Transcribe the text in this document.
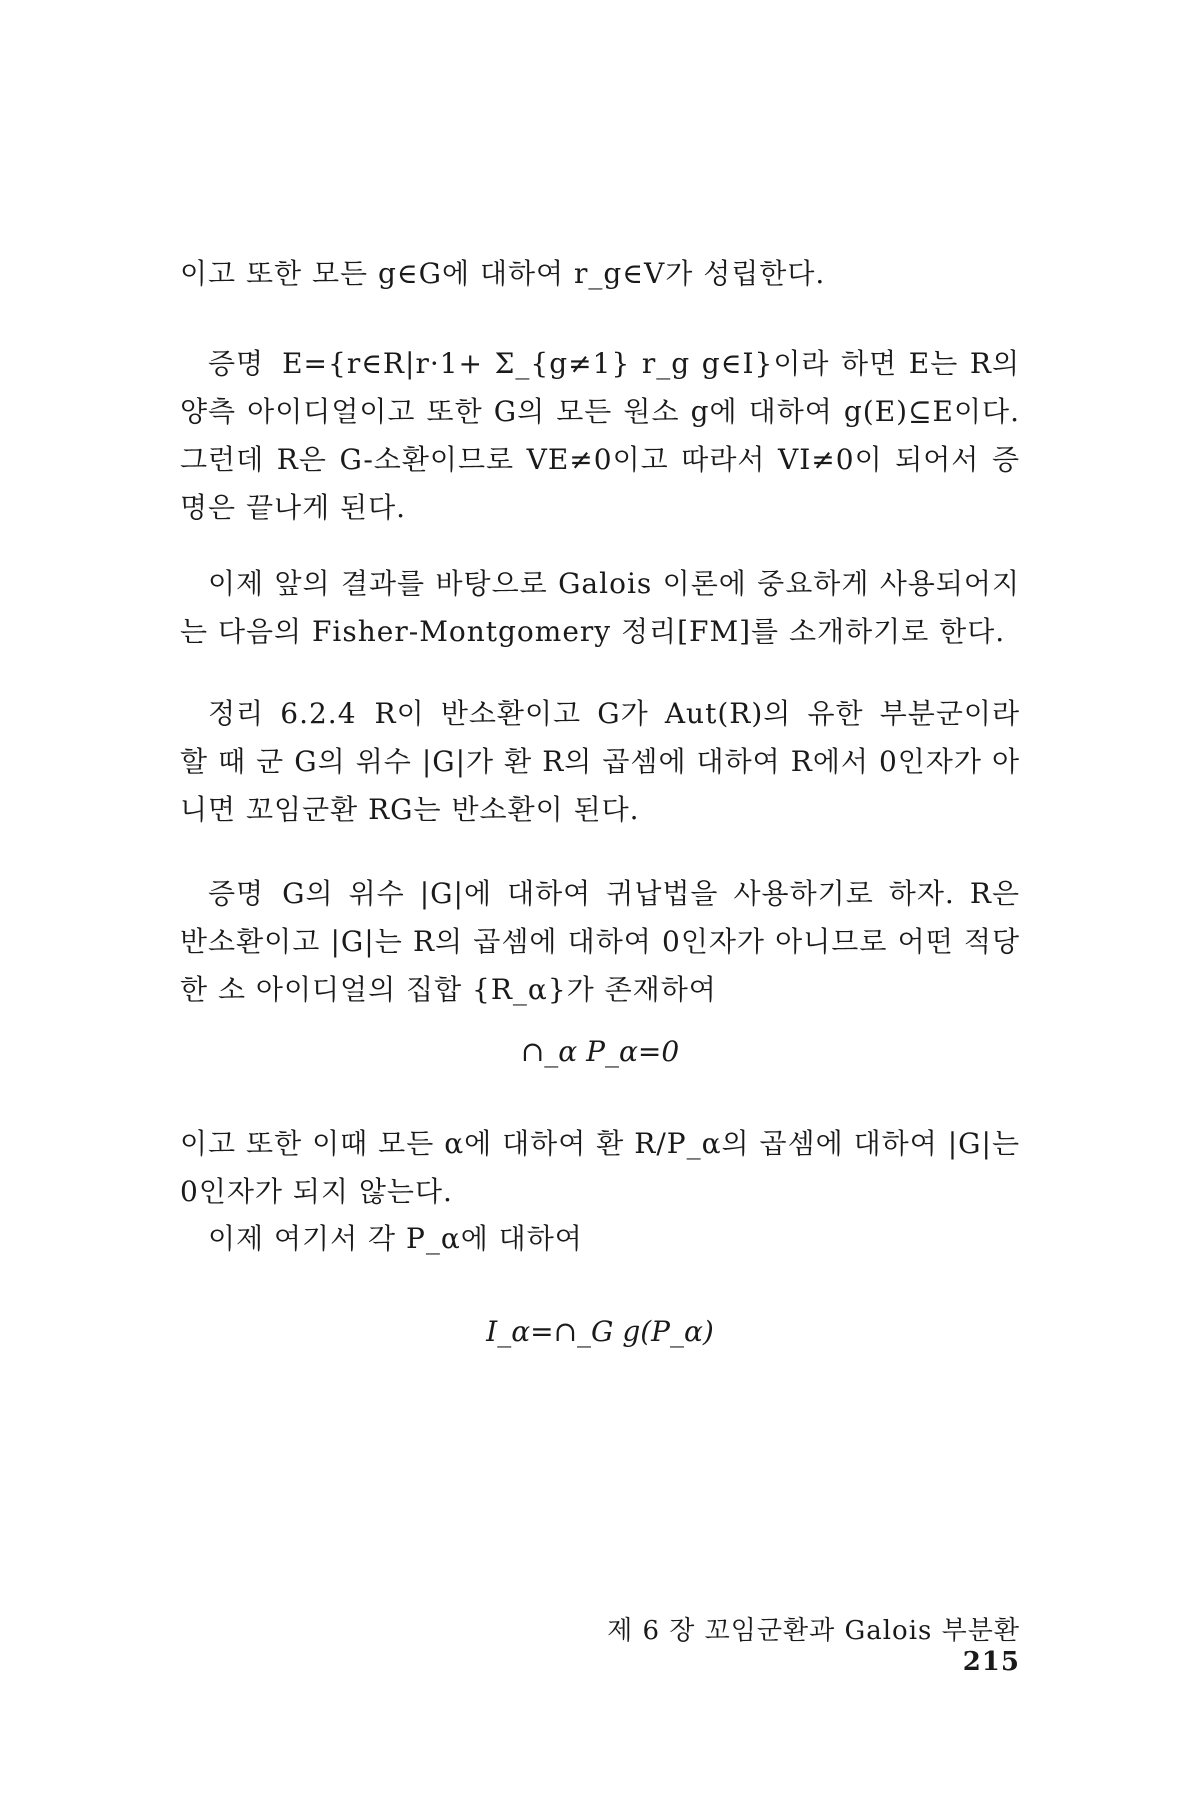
이고 또한 모든 g∈G에 대하여 r_g∈V가 성립한다.
증명 E={r∈R|r·1+ Σ_{g≠1} r_g g∈I}이라 하면 E는 R의 양측 아이디얼이고 또한 G의 모든 원소 g에 대하여 g(E)⊆E이다. 그런데 R은 G-소환이므로 VE≠0이고 따라서 VI≠0이 되어서 증명은 끝나게 된다.
이제 앞의 결과를 바탕으로 Galois 이론에 중요하게 사용되어지는 다음의 Fisher-Montgomery 정리[FM]를 소개하기로 한다.
정리 6.2.4 R이 반소환이고 G가 Aut(R)의 유한 부분군이라 할 때 군 G의 위수 |G|가 환 R의 곱셈에 대하여 R에서 0인자가 아니면 꼬임군환 RG는 반소환이 된다.
증명 G의 위수 |G|에 대하여 귀납법을 사용하기로 하자. R은 반소환이고 |G|는 R의 곱셈에 대하여 0인자가 아니므로 어떤 적당한 소 아이디얼의 집합 {R_α}가 존재하여
∩_α P_α=0
이고 또한 이때 모든 α에 대하여 환 R/P_α의 곱셈에 대하여 |G|는 0인자가 되지 않는다.
이제 여기서 각 P_α에 대하여
I_α=∩_G g(P_α)
제 6 장 꼬임군환과 Galois 부분환215
